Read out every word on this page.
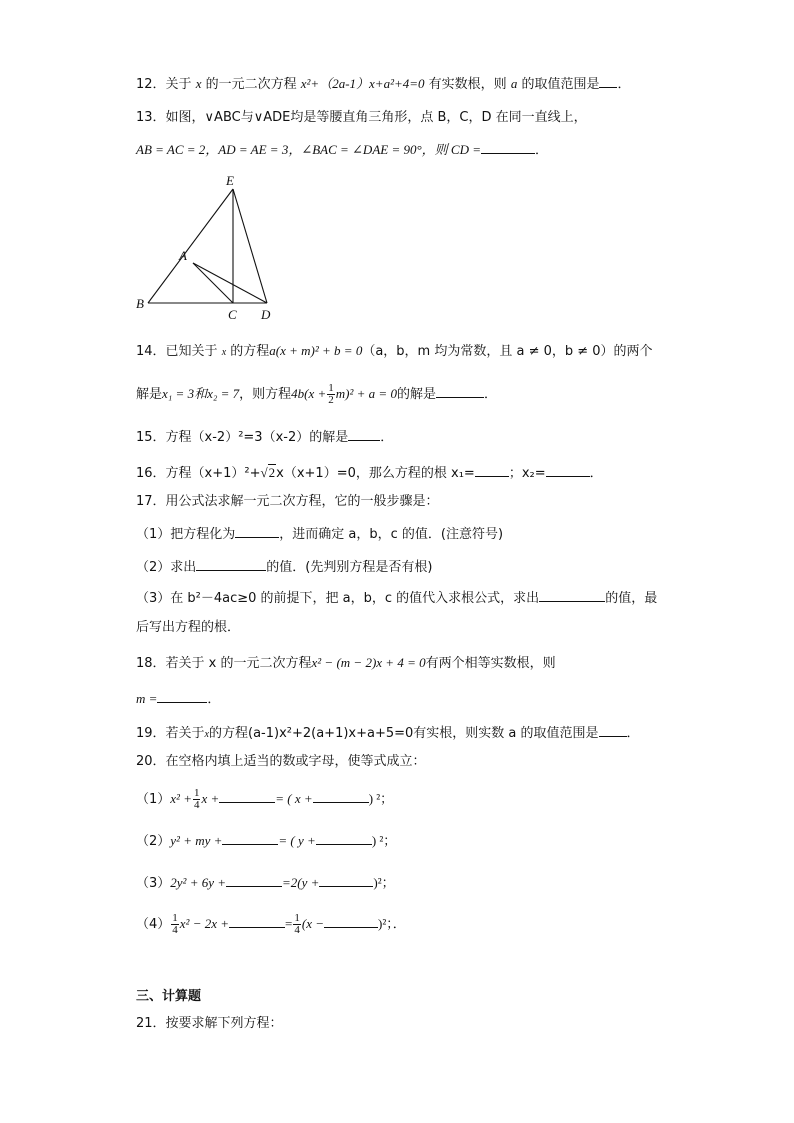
12．关于 x 的一元二次方程 x²+（2a-1）x+a²+4=0 有实数根，则 a 的取值范围是 ．
13．如图，∨ABC与∨ADE均是等腰直角三角形，点 B，C，D 在同一直线上，
AB = AC = 2，AD = AE = 3，∠BAC = ∠DAE = 90°，则 CD =	．
E
A
B
C D
14．已知关于 x 的方程a(x + m)² + b = 0（a，b，m 均为常数，且 a ≠ 0，b ≠ 0）的两个
解是x₁ = 3和x₂ = 7，则方程$4b(x + \frac{1}{2} m)^2 + a = 0$的解是	．
15．方程（x-2）²=3（x-2）的解是 ．
16．方程（x+1）²+√2x（x+1）=0，那么方程的根 x₁=	；x₂=	．
17．用公式法求解一元二次方程，它的一般步骤是：
（1）把方程化为	，进而确定 a，b，c 的值．(注意符号)
（2）求出	的值．(先判别方程是否有根)
（3）在 b²－4ac≥0 的前提下，把 a，b，c 的值代入求根公式，求出	的值，最
后写出方程的根．
18．若关于 x 的一元二次方程x² − (m − 2)x + 4 = 0有两个相等实数根，则
m =	．
19．若关于x的方程(a-1)x²+2(a+1)x+a+5=0有实根，则实数 a 的取值范围是 ．
20．在空格内填上适当的数或字母，使等式成立：
$(1)x^2 + \frac{1}{4}$ x +	= ( x +	) ²；
（2）y² + my +	= ( y +	) ²；
（3）2y² + 6y +	=2(y +	)²；
$(4) \frac{1}{4} x^2 - 2x$ +	= $\frac{1}{4} (x$ −	)²；．
三、计算题
21．按要求解下列方程：
